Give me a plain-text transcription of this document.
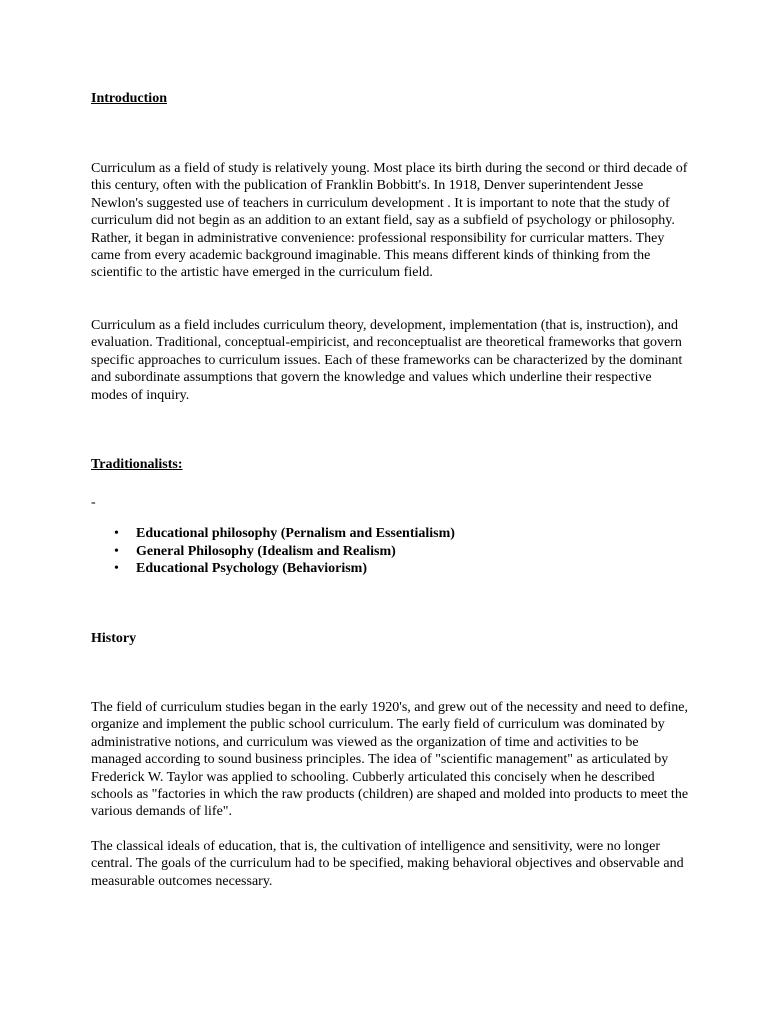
Introduction

Curriculum as a field of study is relatively young. Most place its birth during the second or third decade of this century, often with the publication of Franklin Bobbitt's. In 1918, Denver superintendent Jesse Newlon's suggested use of teachers in curriculum development . It is important to note that the study of curriculum did not begin as an addition to an extant field, say as a subfield of psychology or philosophy. Rather, it began in administrative convenience: professional responsibility for curricular matters. They came from every academic background imaginable. This means different kinds of thinking from the scientific to the artistic have emerged in the curriculum field.

Curriculum as a field includes curriculum theory, development, implementation (that is, instruction), and evaluation. Traditional, conceptual-empiricist, and reconceptualist are theoretical frameworks that govern specific approaches to curriculum issues. Each of these frameworks can be characterized by the dominant and subordinate assumptions that govern the knowledge and values which underline their respective modes of inquiry.

Traditionalists:
-
• Educational philosophy (Pernalism and Essentialism)
• General Philosophy (Idealism and Realism)
• Educational Psychology (Behaviorism)
History

The field of curriculum studies began in the early 1920's, and grew out of the necessity and need to define, organize and implement the public school curriculum. The early field of curriculum was dominated by administrative notions, and curriculum was viewed as the organization of time and activities to be managed according to sound business principles. The idea of "scientific management" as articulated by Frederick W. Taylor was applied to schooling. Cubberly articulated this concisely when he described schools as "factories in which the raw products (children) are shaped and molded into products to meet the various demands of life".

The classical ideals of education, that is, the cultivation of intelligence and sensitivity, were no longer central. The goals of the curriculum had to be specified, making behavioral objectives and observable and measurable outcomes necessary.
